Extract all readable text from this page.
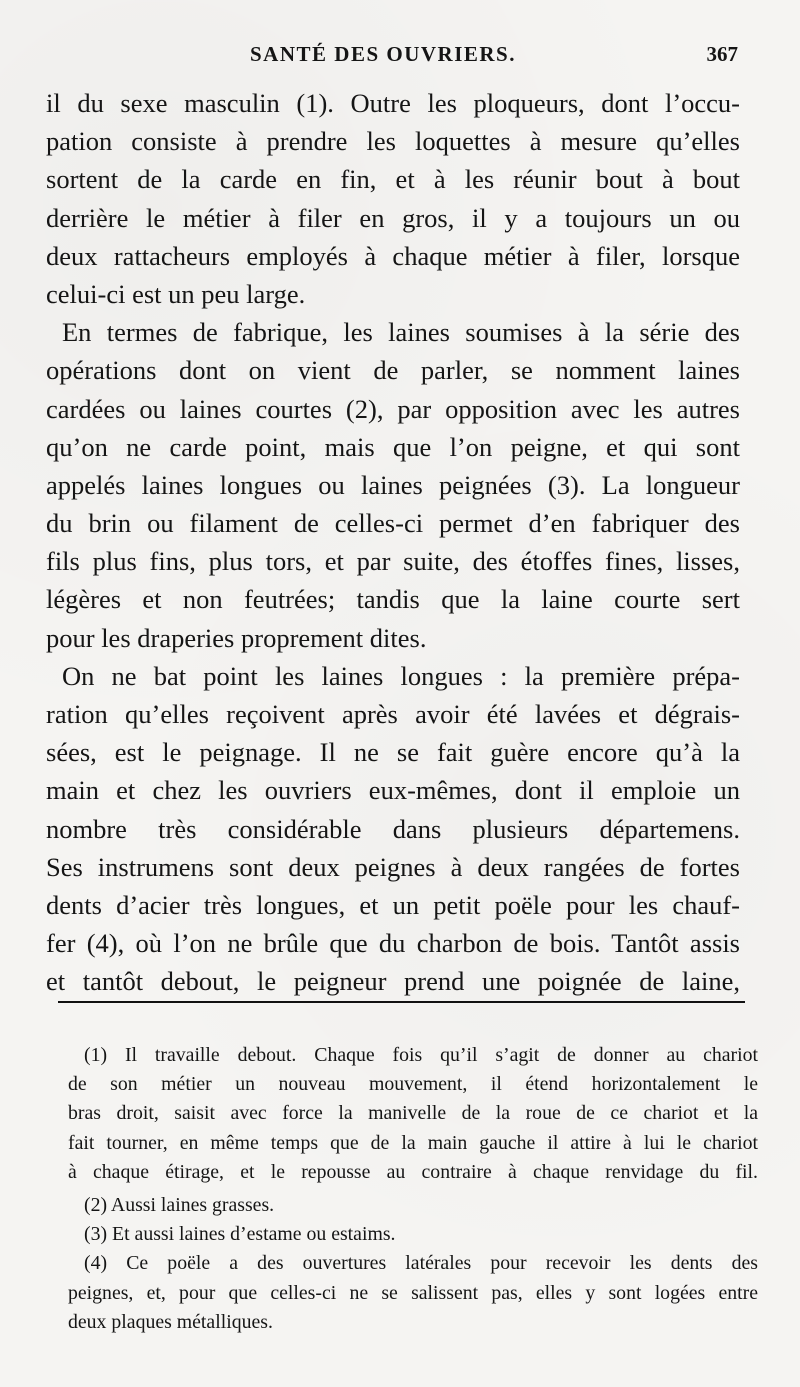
SANTÉ DES OUVRIERS.	367
il du sexe masculin (1). Outre les ploqueurs, dont l’occu-
pation consiste à prendre les loquettes à mesure qu’elles
sortent de la carde en fin, et à les réunir bout à bout
derrière le métier à filer en gros, il y a toujours un ou
deux rattacheurs employés à chaque métier à filer, lorsque
celui-ci est un peu large.
En termes de fabrique, les laines soumises à la série des
opérations dont on vient de parler, se nomment laines
cardées ou laines courtes (2), par opposition avec les autres
qu’on ne carde point, mais que l’on peigne, et qui sont
appelés laines longues ou laines peignées (3). La longueur
du brin ou filament de celles-ci permet d’en fabriquer des
fils plus fins, plus tors, et par suite, des étoffes fines, lisses,
légères et non feutrées; tandis que la laine courte sert
pour les draperies proprement dites.
On ne bat point les laines longues : la première prépa-
ration qu’elles reçoivent après avoir été lavées et dégrais-
sées, est le peignage. Il ne se fait guère encore qu’à la
main et chez les ouvriers eux-mêmes, dont il emploie un
nombre très considérable dans plusieurs départemens.
Ses instrumens sont deux peignes à deux rangées de fortes
dents d’acier très longues, et un petit poële pour les chauf-
fer (4), où l’on ne brûle que du charbon de bois. Tantôt assis
et tantôt debout, le peigneur prend une poignée de laine,
(1) Il travaille debout. Chaque fois qu’il s’agit de donner au chariot
de son métier un nouveau mouvement, il étend horizontalement le
bras droit, saisit avec force la manivelle de la roue de ce chariot et la
fait tourner, en même temps que de la main gauche il attire à lui le chariot
à chaque étirage, et le repousse au contraire à chaque renvidage du fil.
(2) Aussi laines grasses.
(3) Et aussi laines d’estame ou estaims.
(4) Ce poële a des ouvertures latérales pour recevoir les dents des
peignes, et, pour que celles-ci ne se salissent pas, elles y sont logées entre
deux plaques métalliques.
